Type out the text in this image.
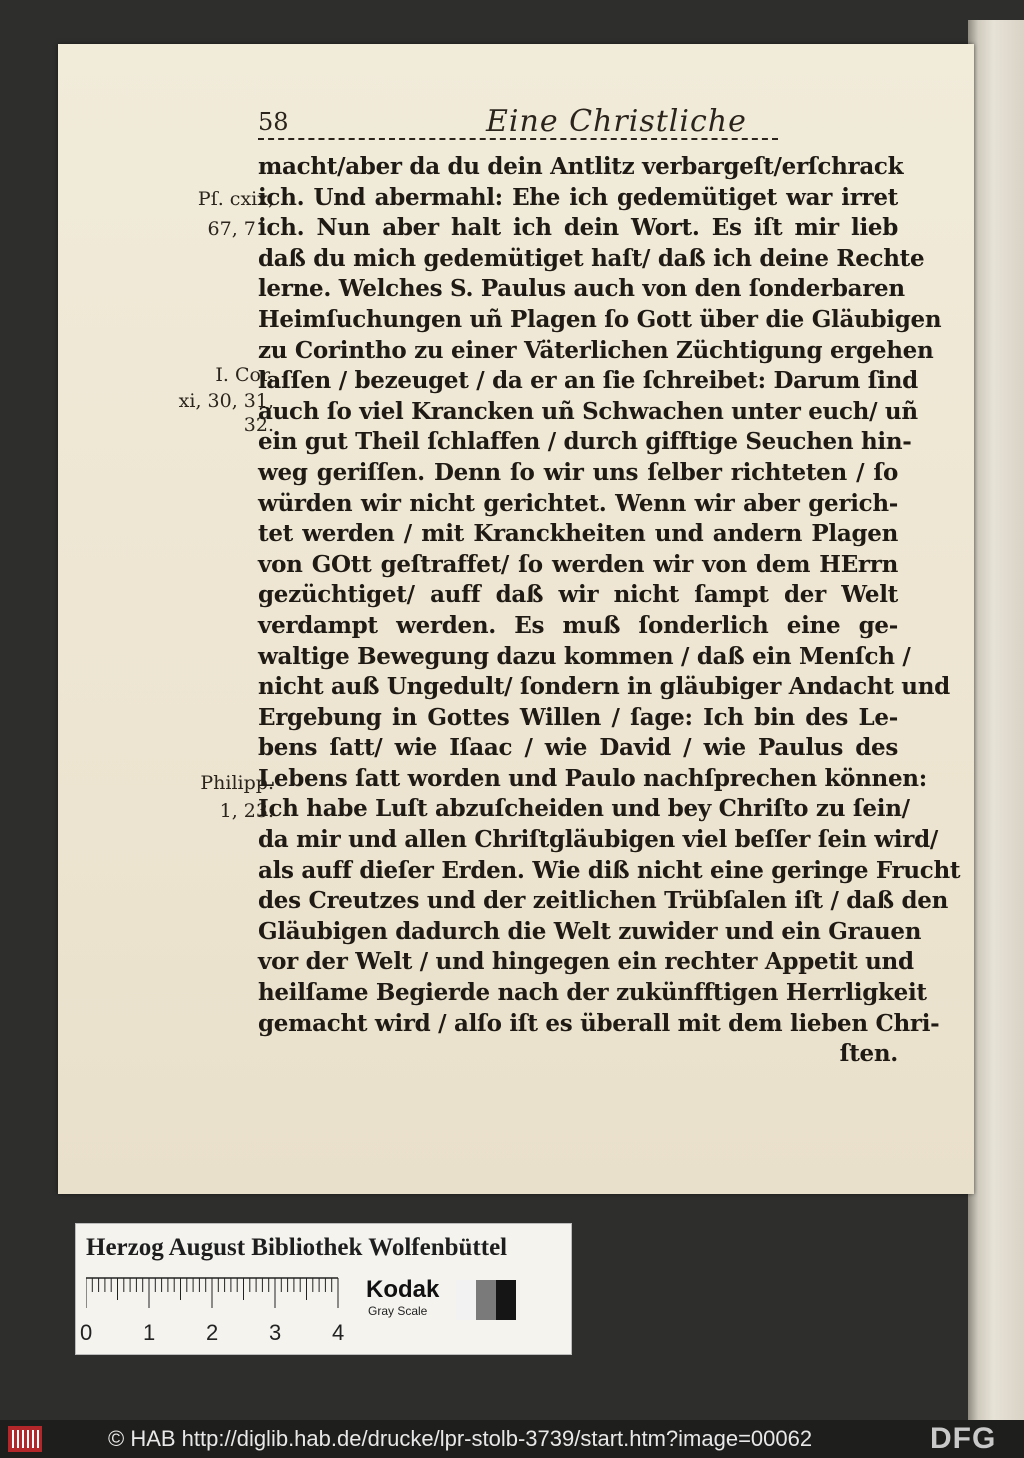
58	Eine Christliche
Pſ. cxix,
67, 71.
I. Cor.
xi, 30, 31,
32.
Philipp.
1, 23.
macht/aber da du dein Antlitz verbargeſt/erſchrack
ich. Und abermahl: Ehe ich gedemütiget war irret
ich. Nun aber halt ich dein Wort. Es iſt mir lieb
daß du mich gedemütiget haſt/ daß ich deine Rechte
lerne. Welches S. Paulus auch von den ſonderbaren
Heimſuchungen uñ Plagen ſo Gott über die Gläubigen
zu Corintho zu einer Väterlichen Züchtigung ergehen
laſſen / bezeuget / da er an ſie ſchreibet: Darum ſind
auch ſo viel Krancken uñ Schwachen unter euch/ uñ
ein gut Theil ſchlaffen / durch gifftige Seuchen hin-
weg geriſſen. Denn ſo wir uns ſelber richteten / ſo
würden wir nicht gerichtet. Wenn wir aber gerich-
tet werden / mit Kranckheiten und andern Plagen
von GOtt geſtraffet/ ſo werden wir von dem HErrn
gezüchtiget/ auff daß wir nicht ſampt der Welt
verdampt werden. Es muß ſonderlich eine ge-
waltige Bewegung dazu kommen / daß ein Menſch /
nicht auß Ungedult/ ſondern in gläubiger Andacht und
Ergebung in Gottes Willen / ſage: Ich bin des Le-
bens ſatt/ wie Iſaac / wie David / wie Paulus des
Lebens ſatt worden und Paulo nachſprechen können:
Ich habe Luſt abzuſcheiden und bey Chriſto zu ſein/
da mir und allen Chriſtgläubigen viel beſſer ſein wird/
als auff dieſer Erden. Wie diß nicht eine geringe Frucht
des Creutzes und der zeitlichen Trübſalen iſt / daß den
Gläubigen dadurch die Welt zuwider und ein Grauen
vor der Welt / und hingegen ein rechter Appetit und
heilſame Begierde nach der zukünfftigen Herrligkeit
gemacht wird / alſo iſt es überall mit dem lieben Chri-
ſten.
Herzog August Bibliothek Wolfenbüttel
0 1 2 3 4
Kodak
Gray Scale
© HAB http://diglib.hab.de/drucke/lpr-stolb-3739/start.htm?image=00062	DFG
